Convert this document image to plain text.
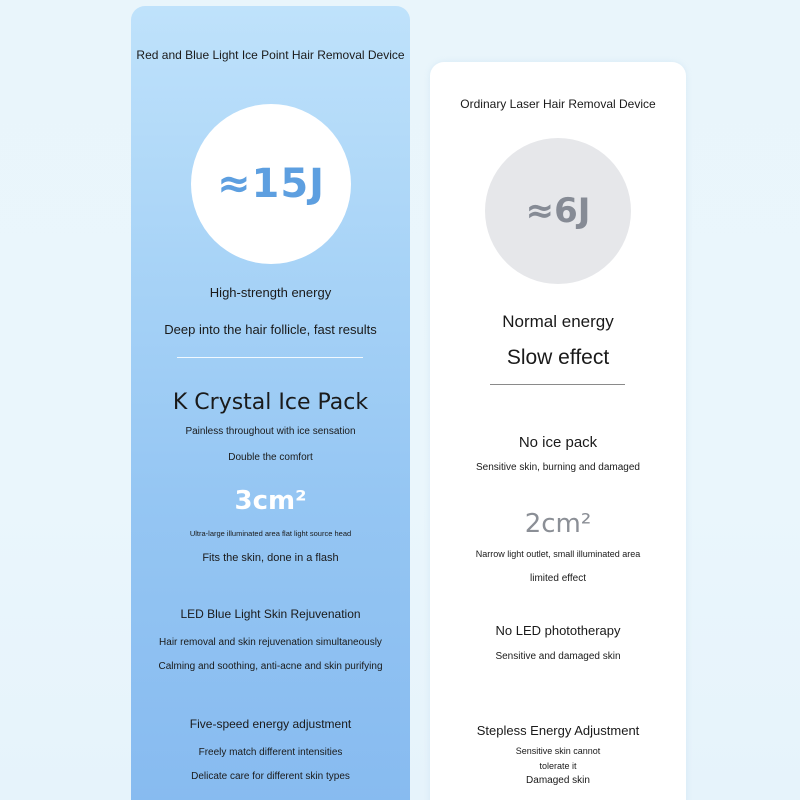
Red and Blue Light Ice Point Hair Removal Device
≈15J
High-strength energy
Deep into the hair follicle, fast results
K Crystal Ice Pack
Painless throughout with ice sensation
Double the comfort
3cm²
Ultra-large illuminated area flat light source head
Fits the skin, done in a flash
LED Blue Light Skin Rejuvenation
Hair removal and skin rejuvenation simultaneously
Calming and soothing, anti-acne and skin purifying
Five-speed energy adjustment
Freely match different intensities
Delicate care for different skin types
Ordinary Laser Hair Removal Device
≈6J
Normal energy
Slow effect
No ice pack
Sensitive skin, burning and damaged
2cm²
Narrow light outlet, small illuminated area
limited effect
No LED phototherapy
Sensitive and damaged skin
Stepless Energy Adjustment
Sensitive skin cannot
tolerate it
Damaged skin
